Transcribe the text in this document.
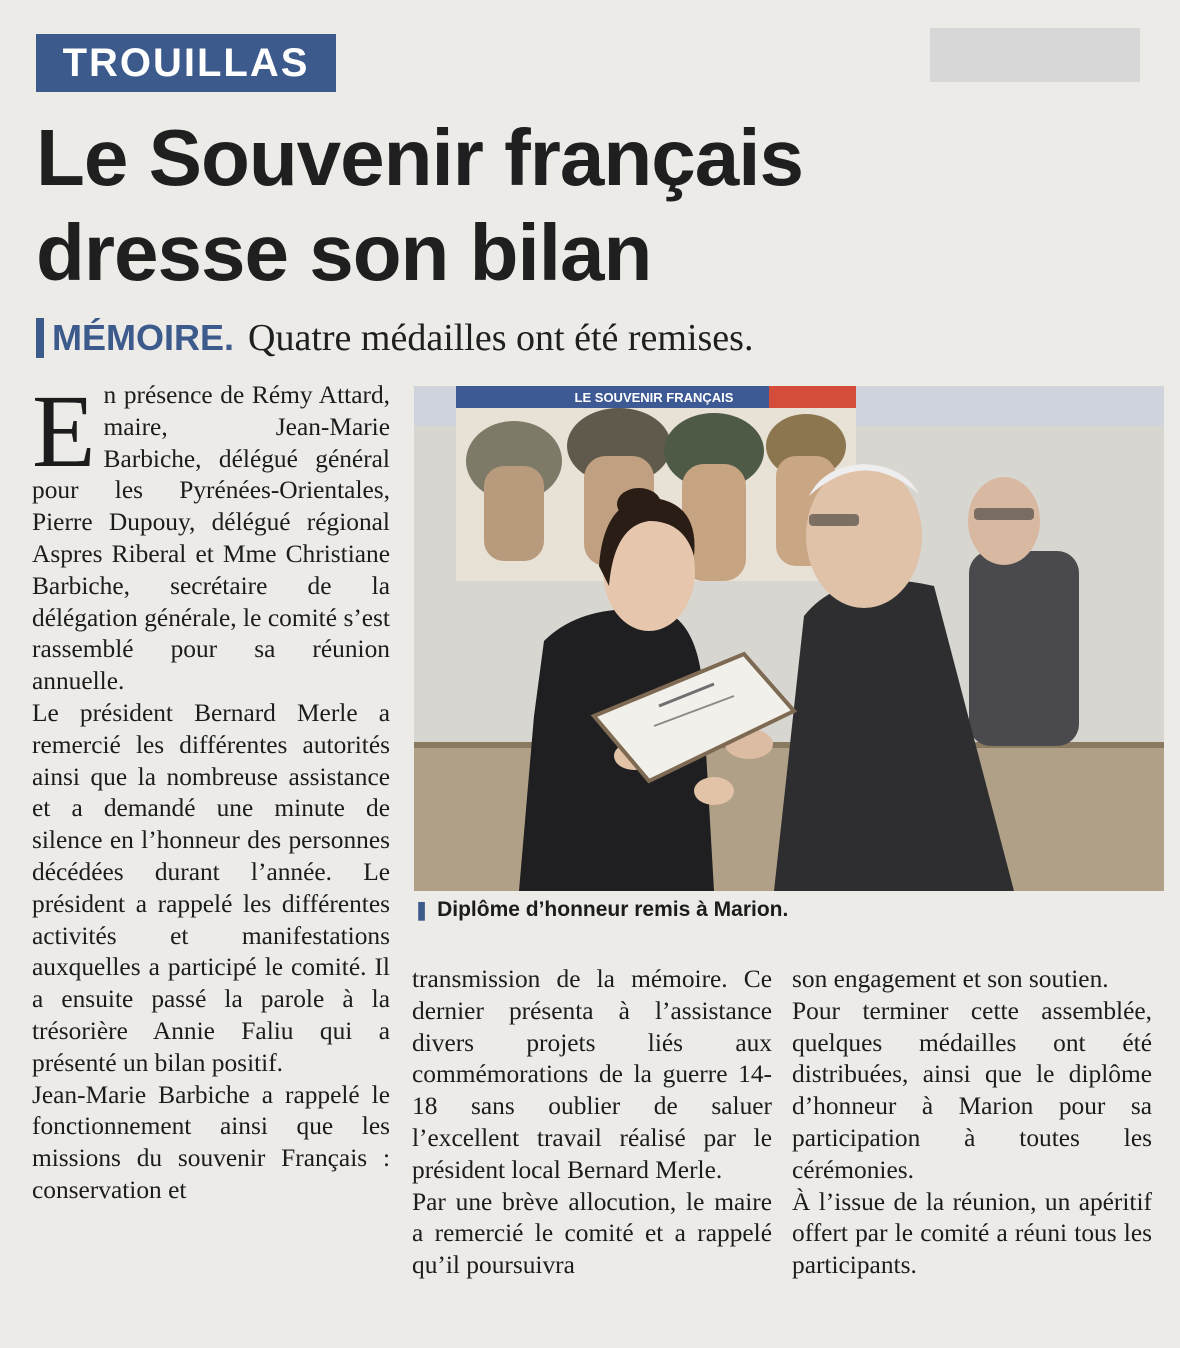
TROUILLAS
Le Souvenir français
dresse son bilan
MÉMOIRE. Quatre médailles ont été remises.

En présence de Rémy Attard, maire, Jean-Marie Barbiche, délégué général pour les Pyrénées-Orientales, Pierre Dupouy, délégué régional Aspres Riberal et Mme Christiane Barbiche, secrétaire de la délégation générale, le comité s’est rassemblé pour sa réunion annuelle.

Le président Bernard Merle a remercié les différentes autorités ainsi que la nombreuse assistance et a demandé une minute de silence en l’honneur des personnes décédées durant l’année. Le président a rappelé les différentes activités et manifestations auxquelles a participé le comité. Il a ensuite passé la parole à la trésorière Annie Faliu qui a présenté un bilan positif.

Jean-Marie Barbiche a rappelé le fonctionnement ainsi que les missions du souvenir Français : conservation et

LE SOUVENIR FRANÇAIS
❚ Diplôme d’honneur remis à Marion.

transmission de la mémoire. Ce dernier présenta à l’assistance divers projets liés aux commémorations de la guerre 14-18 sans oublier de saluer l’excellent travail réalisé par le président local Bernard Merle.

Par une brève allocution, le maire a remercié le comité et a rappelé qu’il poursuivra

son engagement et son soutien.

Pour terminer cette assemblée, quelques médailles ont été distribuées, ainsi que le diplôme d’honneur à Marion pour sa participation à toutes les cérémonies.

À l’issue de la réunion, un apéritif offert par le comité a réuni tous les participants.
